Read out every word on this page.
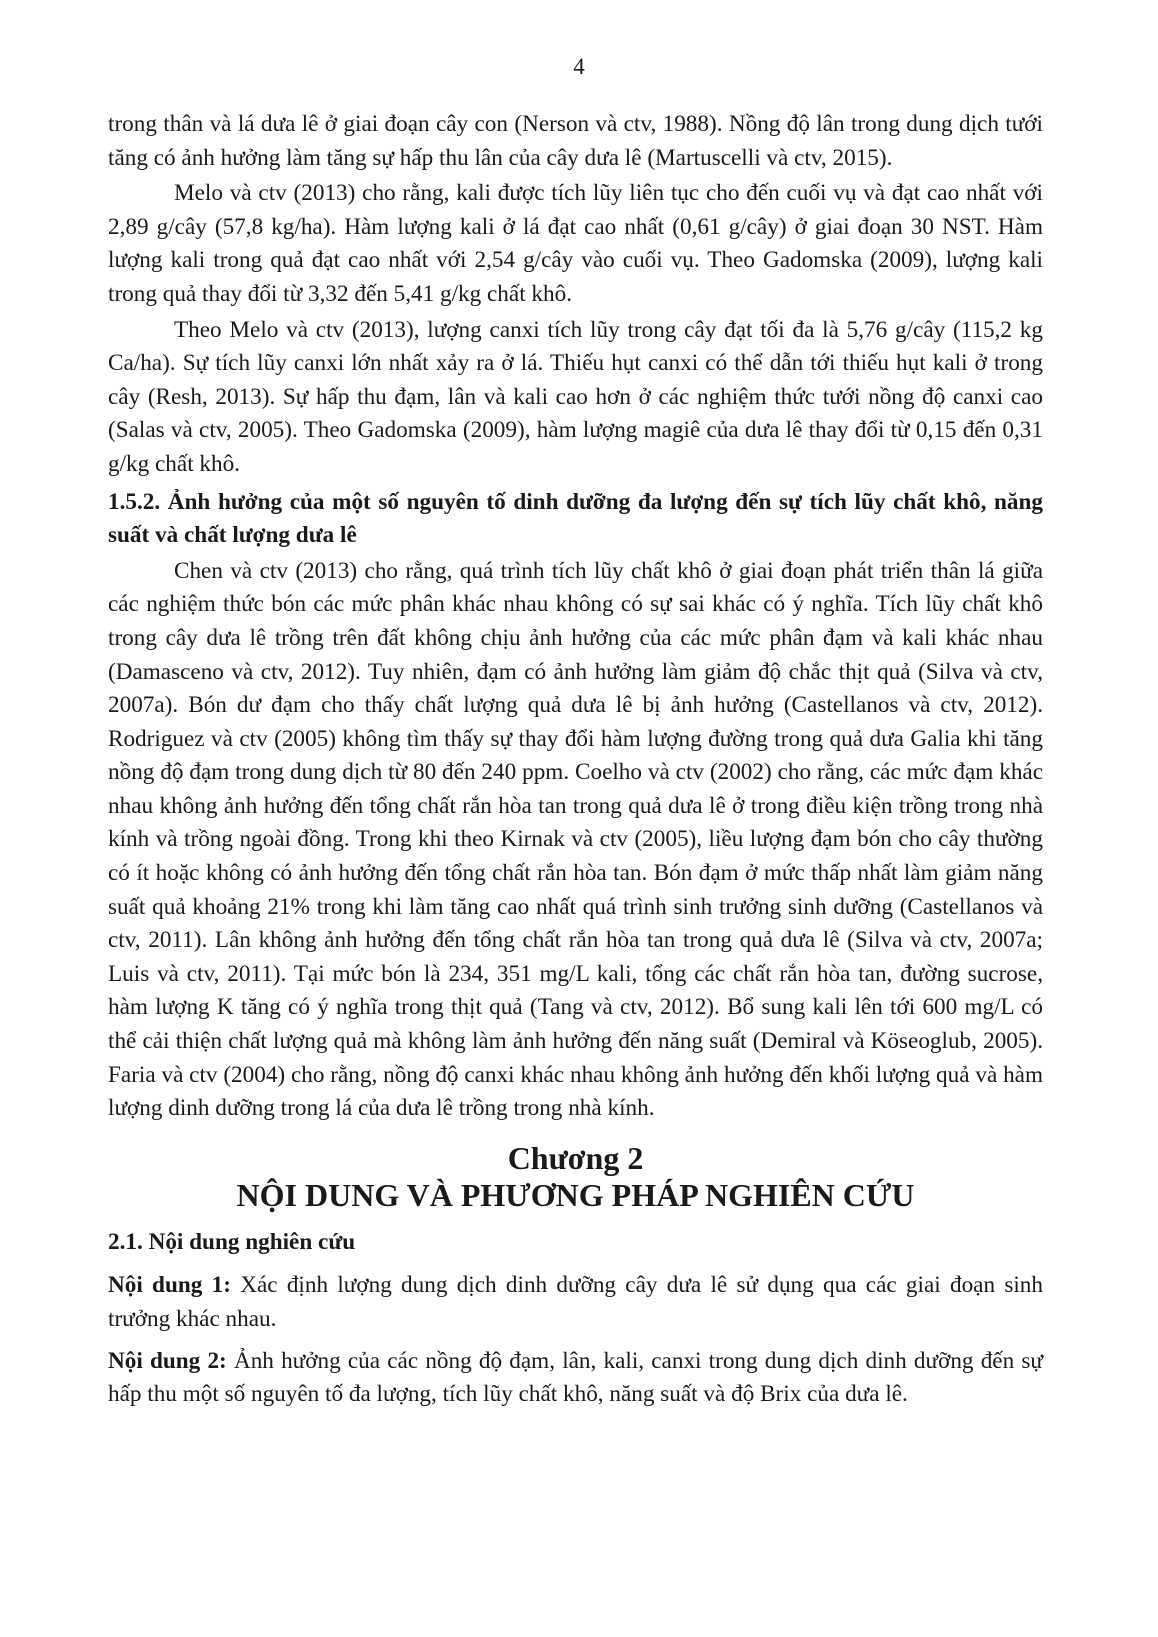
4

trong thân và lá dưa lê ở giai đoạn cây con (Nerson và ctv, 1988). Nồng độ lân trong dung dịch tưới tăng có ảnh hưởng làm tăng sự hấp thu lân của cây dưa lê (Martuscelli và ctv, 2015).

Melo và ctv (2013) cho rằng, kali được tích lũy liên tục cho đến cuối vụ và đạt cao nhất với 2,89 g/cây (57,8 kg/ha). Hàm lượng kali ở lá đạt cao nhất (0,61 g/cây) ở giai đoạn 30 NST. Hàm lượng kali trong quả đạt cao nhất với 2,54 g/cây vào cuối vụ. Theo Gadomska (2009), lượng kali trong quả thay đổi từ 3,32 đến 5,41 g/kg chất khô.

Theo Melo và ctv (2013), lượng canxi tích lũy trong cây đạt tối đa là 5,76 g/cây (115,2 kg Ca/ha). Sự tích lũy canxi lớn nhất xảy ra ở lá. Thiếu hụt canxi có thể dẫn tới thiếu hụt kali ở trong cây (Resh, 2013). Sự hấp thu đạm, lân và kali cao hơn ở các nghiệm thức tưới nồng độ canxi cao (Salas và ctv, 2005). Theo Gadomska (2009), hàm lượng magiê của dưa lê thay đổi từ 0,15 đến 0,31 g/kg chất khô.

1.5.2. Ảnh hưởng của một số nguyên tố dinh dưỡng đa lượng đến sự tích lũy chất khô, năng suất và chất lượng dưa lê

Chen và ctv (2013) cho rằng, quá trình tích lũy chất khô ở giai đoạn phát triển thân lá giữa các nghiệm thức bón các mức phân khác nhau không có sự sai khác có ý nghĩa. Tích lũy chất khô trong cây dưa lê trồng trên đất không chịu ảnh hưởng của các mức phân đạm và kali khác nhau (Damasceno và ctv, 2012). Tuy nhiên, đạm có ảnh hưởng làm giảm độ chắc thịt quả (Silva và ctv, 2007a). Bón dư đạm cho thấy chất lượng quả dưa lê bị ảnh hưởng (Castellanos và ctv, 2012). Rodriguez và ctv (2005) không tìm thấy sự thay đổi hàm lượng đường trong quả dưa Galia khi tăng nồng độ đạm trong dung dịch từ 80 đến 240 ppm. Coelho và ctv (2002) cho rằng, các mức đạm khác nhau không ảnh hưởng đến tổng chất rắn hòa tan trong quả dưa lê ở trong điều kiện trồng trong nhà kính và trồng ngoài đồng. Trong khi theo Kirnak và ctv (2005), liều lượng đạm bón cho cây thường có ít hoặc không có ảnh hưởng đến tổng chất rắn hòa tan. Bón đạm ở mức thấp nhất làm giảm năng suất quả khoảng 21% trong khi làm tăng cao nhất quá trình sinh trưởng sinh dưỡng (Castellanos và ctv, 2011). Lân không ảnh hưởng đến tổng chất rắn hòa tan trong quả dưa lê (Silva và ctv, 2007a; Luis và ctv, 2011). Tại mức bón là 234, 351 mg/L kali, tổng các chất rắn hòa tan, đường sucrose, hàm lượng K tăng có ý nghĩa trong thịt quả (Tang và ctv, 2012). Bổ sung kali lên tới 600 mg/L có thể cải thiện chất lượng quả mà không làm ảnh hưởng đến năng suất (Demiral và Köseoglub, 2005). Faria và ctv (2004) cho rằng, nồng độ canxi khác nhau không ảnh hưởng đến khối lượng quả và hàm lượng dinh dưỡng trong lá của dưa lê trồng trong nhà kính.

Chương 2
NỘI DUNG VÀ PHƯƠNG PHÁP NGHIÊN CỨU
2.1. Nội dung nghiên cứu

Nội dung 1: Xác định lượng dung dịch dinh dưỡng cây dưa lê sử dụng qua các giai đoạn sinh trưởng khác nhau.

Nội dung 2: Ảnh hưởng của các nồng độ đạm, lân, kali, canxi trong dung dịch dinh dưỡng đến sự hấp thu một số nguyên tố đa lượng, tích lũy chất khô, năng suất và độ Brix của dưa lê.
